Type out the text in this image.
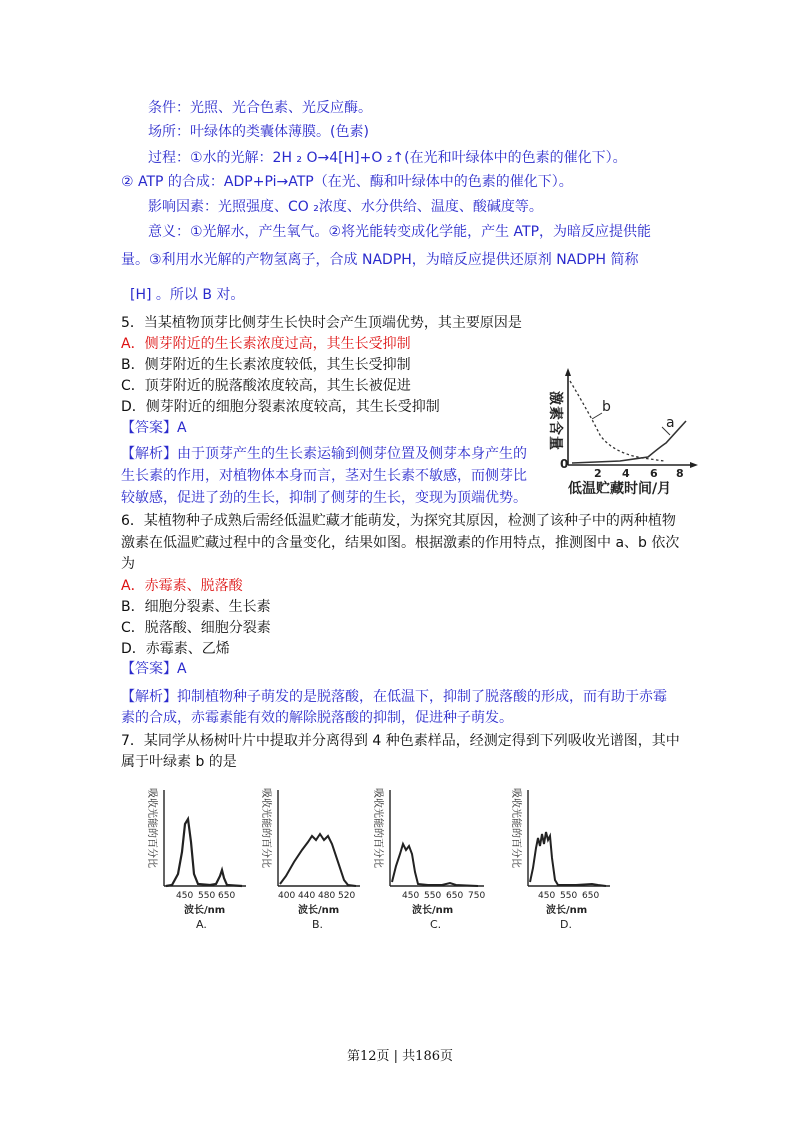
条件：光照、光合色素、光反应酶。
场所：叶绿体的类囊体薄膜。(色素)
过程：①水的光解：2H ₂ O→4[H]+O ₂↑(在光和叶绿体中的色素的催化下）。
② ATP 的合成：ADP+Pi→ATP（在光、酶和叶绿体中的色素的催化下）。
影响因素：光照强度、CO ₂浓度、水分供给、温度、酸碱度等。
意义：①光解水，产生氧气。②将光能转变成化学能，产生 ATP，为暗反应提供能
量。③利用水光解的产物氢离子，合成 NADPH，为暗反应提供还原剂 NADPH 简称
[H] 。所以 B 对。
5．当某植物顶芽比侧芽生长快时会产生顶端优势，其主要原因是
A．侧芽附近的生长素浓度过高，其生长受抑制
B．侧芽附近的生长素浓度较低，其生长受抑制
C．顶芽附近的脱落酸浓度较高，其生长被促进
D．侧芽附近的细胞分裂素浓度较高，其生长受抑制
【答案】A
【解析】由于顶芽产生的生长素运输到侧芽位置及侧芽本身产生的
生长素的作用，对植物体本身而言，茎对生长素不敏感，而侧芽比
较敏感，促进了劲的生长，抑制了侧芽的生长，变现为顶端优势。
激素含量
0
2 4 6 8
b
a
低温贮藏时间/月
6．某植物种子成熟后需经低温贮藏才能萌发，为探究其原因，检测了该种子中的两种植物
激素在低温贮藏过程中的含量变化，结果如图。根据激素的作用特点，推测图中 a、b 依次
为
A．赤霉素、脱落酸
B．细胞分裂素、生长素
C．脱落酸、细胞分裂素
D．赤霉素、乙烯
【答案】A
【解析】抑制植物种子萌发的是脱落酸，在低温下，抑制了脱落酸的形成，而有助于赤霉
素的合成，赤霉素能有效的解除脱落酸的抑制，促进种子萌发。
7．某同学从杨树叶片中提取并分离得到 4 种色素样品，经测定得到下列吸收光谱图，其中
属于叶绿素 b 的是
吸收光能的百分比
450 550 650
波长/nm
A.
吸收光能的百分比
400 440 480 520
波长/nm
B.
吸收光能的百分比
450 550 650 750
波长/nm
C.
吸收光能的百分比
450 550 650
波长/nm
D.
第12页 | 共186页
